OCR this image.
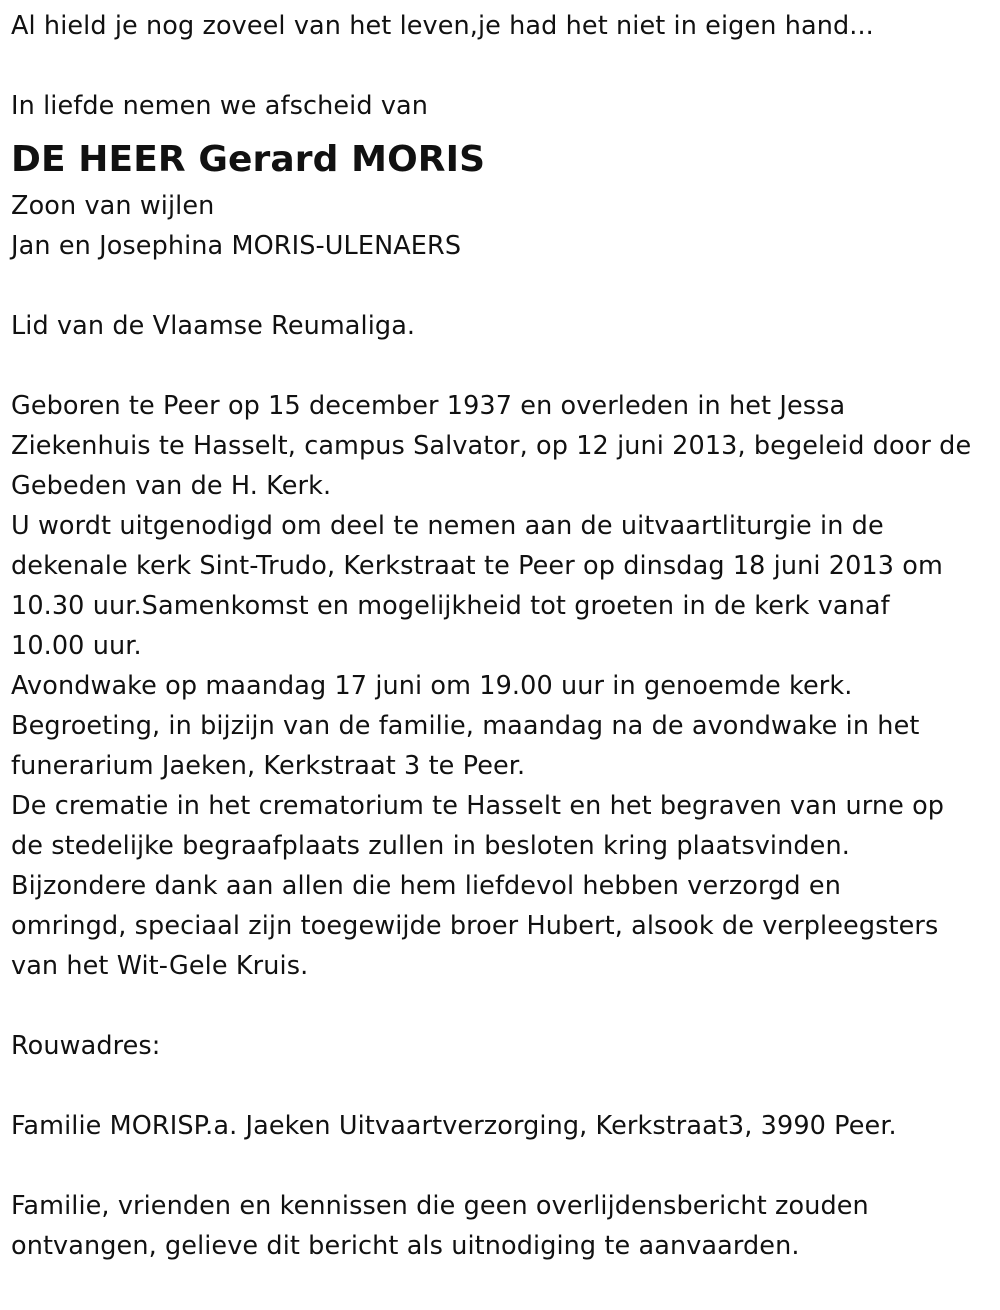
Al hield je nog zoveel van het leven,je had het niet in eigen hand...
In liefde nemen we afscheid van
DE HEER Gerard MORIS
Zoon van wijlen
Jan en Josephina MORIS-ULENAERS
Lid van de Vlaamse Reumaliga.
Geboren te Peer op 15 december 1937 en overleden in het Jessa
Ziekenhuis te Hasselt, campus Salvator, op 12 juni 2013, begeleid door de
Gebeden van de H. Kerk.
U wordt uitgenodigd om deel te nemen aan de uitvaartliturgie in de
dekenale kerk Sint-Trudo, Kerkstraat te Peer op dinsdag 18 juni 2013 om
10.30 uur.Samenkomst en mogelijkheid tot groeten in de kerk vanaf
10.00 uur.
Avondwake op maandag 17 juni om 19.00 uur in genoemde kerk.
Begroeting, in bijzijn van de familie, maandag na de avondwake in het
funerarium Jaeken, Kerkstraat 3 te Peer.
De crematie in het crematorium te Hasselt en het begraven van urne op
de stedelijke begraafplaats zullen in besloten kring plaatsvinden.
Bijzondere dank aan allen die hem liefdevol hebben verzorgd en
omringd, speciaal zijn toegewijde broer Hubert, alsook de verpleegsters
van het Wit-Gele Kruis.
Rouwadres:
Familie MORISP.a. Jaeken Uitvaartverzorging, Kerkstraat3, 3990 Peer.
Familie, vrienden en kennissen die geen overlijdensbericht zouden
ontvangen, gelieve dit bericht als uitnodiging te aanvaarden.
